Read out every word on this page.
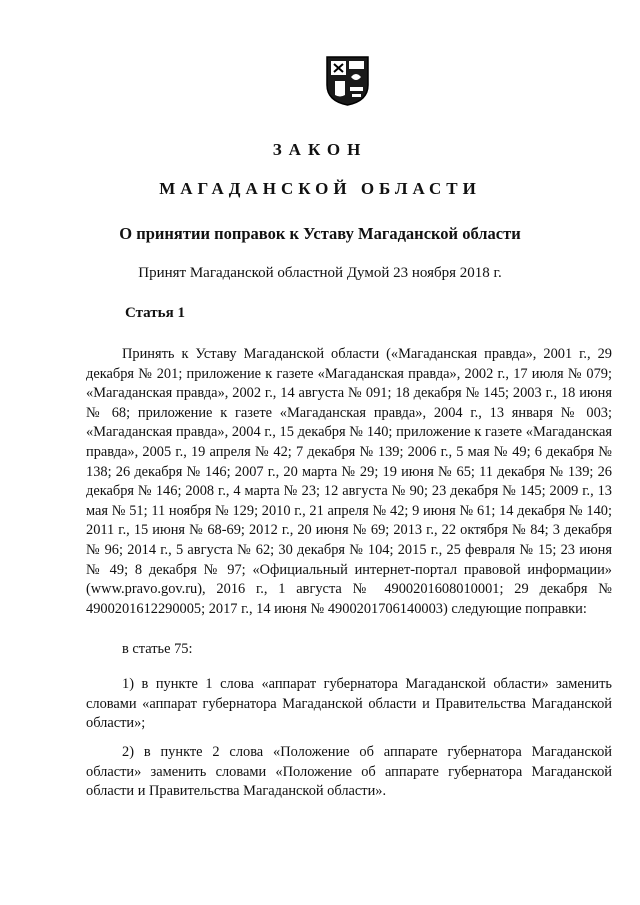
ЗАКОН
МАГАДАНСКОЙ ОБЛАСТИ
О принятии поправок к Уставу Магаданской области
Принят Магаданской областной Думой 23 ноября 2018 г.
Статья 1

Принять к Уставу Магаданской области («Магаданская правда», 2001 г., 29 декабря № 201; приложение к газете «Магаданская правда», 2002 г., 17 июля № 079; «Магаданская правда», 2002 г., 14 августа № 091; 18 декабря № 145; 2003 г., 18 июня № 68; приложение к газете «Магаданская правда», 2004 г., 13 января № 003; «Магаданская правда», 2004 г., 15 декабря № 140; приложение к газете «Магаданская правда», 2005 г., 19 апреля № 42; 7 декабря № 139; 2006 г., 5 мая № 49; 6 декабря № 138; 26 декабря № 146; 2007 г., 20 марта № 29; 19 июня № 65; 11 декабря № 139; 26 декабря № 146; 2008 г., 4 марта № 23; 12 августа № 90; 23 декабря № 145; 2009 г., 13 мая № 51; 11 ноября № 129; 2010 г., 21 апреля № 42; 9 июня № 61; 14 декабря № 140; 2011 г., 15 июня № 68-69; 2012 г., 20 июня № 69; 2013 г., 22 октября № 84; 3 декабря № 96; 2014 г., 5 августа № 62; 30 декабря № 104; 2015 г., 25 февраля № 15; 23 июня № 49; 8 декабря № 97; «Официальный интернет-портал правовой информации» (www.pravo.gov.ru), 2016 г., 1 августа № 4900201608010001; 29 декабря № 4900201612290005; 2017 г., 14 июня № 4900201706140003) следующие поправки:

в статье 75:

1) в пункте 1 слова «аппарат губернатора Магаданской области» заменить словами «аппарат губернатора Магаданской области и Правительства Магаданской области»;

2) в пункте 2 слова «Положение об аппарате губернатора Магаданской области» заменить словами «Положение об аппарате губернатора Магаданской области и Правительства Магаданской области».
